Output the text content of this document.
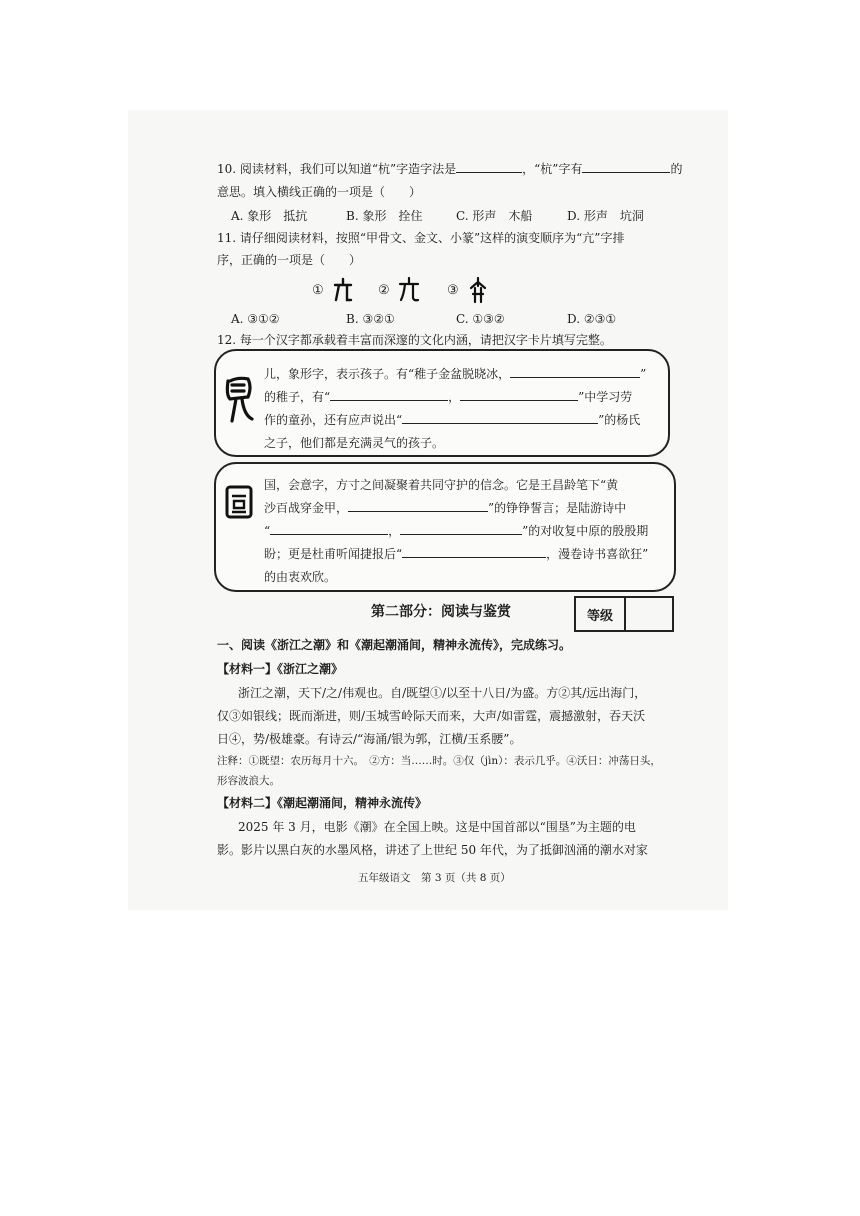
10. 阅读材料，我们可以知道“杭”字造字法是	，“杭”字有	的
意思。填入横线正确的一项是（　　）
A. 象形　抵抗	B. 象形　拴住	C. 形声　木船	D. 形声　坑洞
11. 请仔细阅读材料，按照“甲骨文、金文、小篆”这样的演变顺序为“亢”字排
序，正确的一项是（　　）
①	②	③
A. ③①②	B. ③②①	C. ①③②	D. ②③①
12. 每一个汉字都承载着丰富而深邃的文化内涵，请把汉字卡片填写完整。
儿，象形字，表示孩子。有“稚子金盆脱晓冰，	”
的稚子，有“	，	”中学习劳
作的童孙，还有应声说出“	”的杨氏
之子，他们都是充满灵气的孩子。
国，会意字，方寸之间凝聚着共同守护的信念。它是王昌龄笔下“黄
沙百战穿金甲，	”的铮铮誓言；是陆游诗中
“	，	”的对收复中原的殷殷期
盼；更是杜甫听闻捷报后“	，漫卷诗书喜欲狂”
的由衷欢欣。
第二部分：阅读与鉴赏	等级
一、阅读《浙江之潮》和《潮起潮涌间，精神永流传》，完成练习。
【材料一】《浙江之潮》
浙江之潮，天下/之/伟观也。自/既望①/以至十八日/为盛。方②其/远出海门，
仅③如银线；既而渐进，则/玉城雪岭际天而来，大声/如雷霆，震撼激射，吞天沃
日④，势/极雄豪。有诗云/“海涌/银为郭，江横/玉系腰”。
注释：①既望：农历每月十六。　②方：当……时。③仅（jìn）：表示几乎。④沃日：冲荡日头，
形容波浪大。
【材料二】《潮起潮涌间，精神永流传》
2025 年 3 月，电影《潮》在全国上映。这是中国首部以“围垦”为主题的电
影。影片以黑白灰的水墨风格，讲述了上世纪 50 年代，为了抵御汹涌的潮水对家
五年级语文　第 3 页（共 8 页）
